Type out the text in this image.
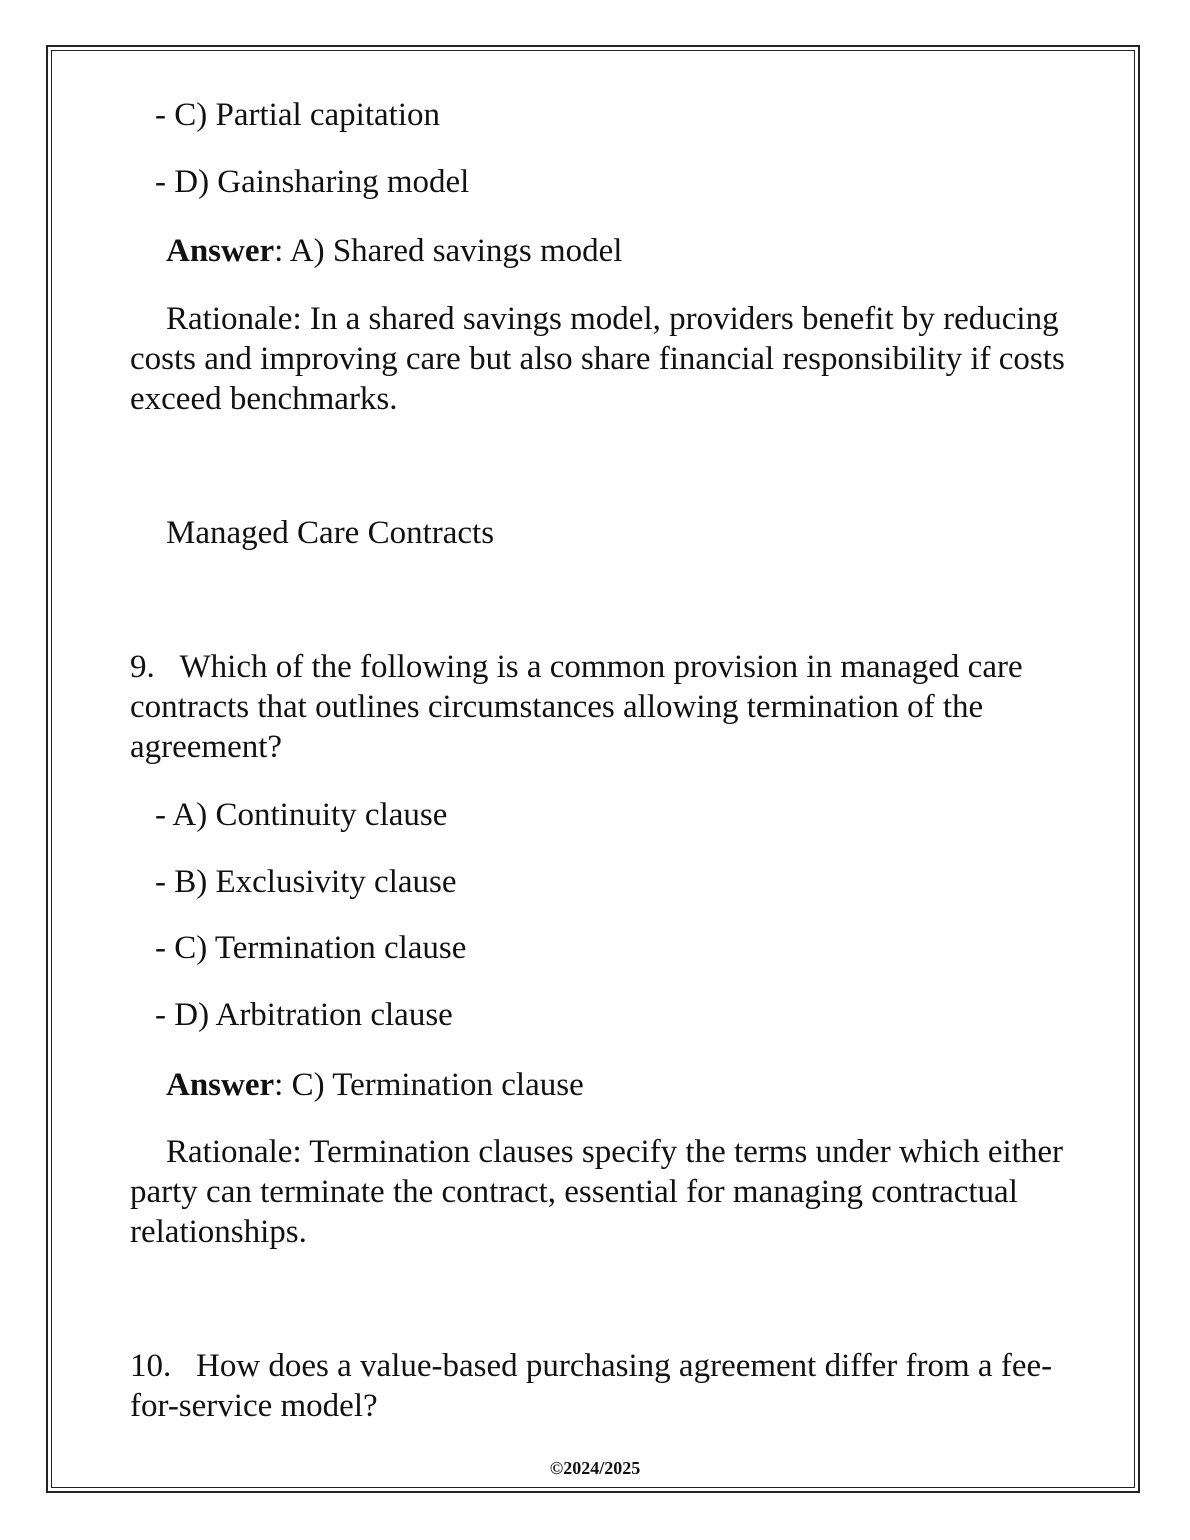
- C) Partial capitation
- D) Gainsharing model
Answer: A) Shared savings model
Rationale: In a shared savings model, providers benefit by reducing costs and improving care but also share financial responsibility if costs exceed benchmarks.
Managed Care Contracts
9. Which of the following is a common provision in managed care contracts that outlines circumstances allowing termination of the agreement?
- A) Continuity clause
- B) Exclusivity clause
- C) Termination clause
- D) Arbitration clause
Answer: C) Termination clause
Rationale: Termination clauses specify the terms under which either party can terminate the contract, essential for managing contractual relationships.
10. How does a value-based purchasing agreement differ from a fee-for-service model?
©2024/2025
